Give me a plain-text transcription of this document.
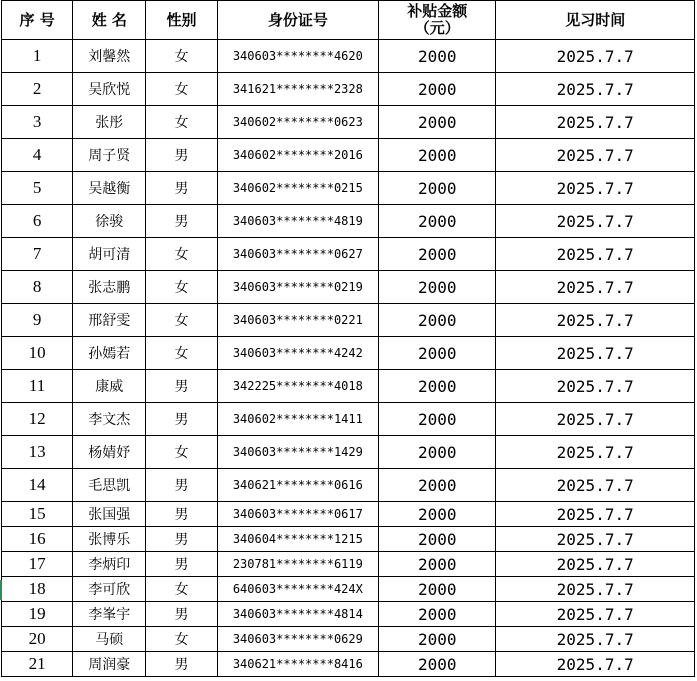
序 号	姓 名	性别	身份证号	补贴金额
（元）	见习时间
1	刘馨然	女	340603********4620	2000	2025.7.7
2	吴欣悦	女	341621********2328	2000	2025.7.7
3	张彤	女	340602********0623	2000	2025.7.7
4	周子贤	男	340602********2016	2000	2025.7.7
5	吴越衡	男	340602********0215	2000	2025.7.7
6	徐骏	男	340603********4819	2000	2025.7.7
7	胡可清	女	340603********0627	2000	2025.7.7
8	张志鹏	女	340603********0219	2000	2025.7.7
9	邢舒雯	女	340603********0221	2000	2025.7.7
10	孙嫣若	女	340603********4242	2000	2025.7.7
11	康威	男	342225********4018	2000	2025.7.7
12	李文杰	男	340602********1411	2000	2025.7.7
13	杨婧妤	女	340603********1429	2000	2025.7.7
14	毛思凯	男	340621********0616	2000	2025.7.7
15	张国强	男	340603********0617	2000	2025.7.7
16	张博乐	男	340604********1215	2000	2025.7.7
17	李炳印	男	230781********6119	2000	2025.7.7
18	李可欣	女	640603********424X	2000	2025.7.7
19	李峯宇	男	340603********4814	2000	2025.7.7
20	马硕	女	340603********0629	2000	2025.7.7
21	周润豪	男	340621********8416	2000	2025.7.7
